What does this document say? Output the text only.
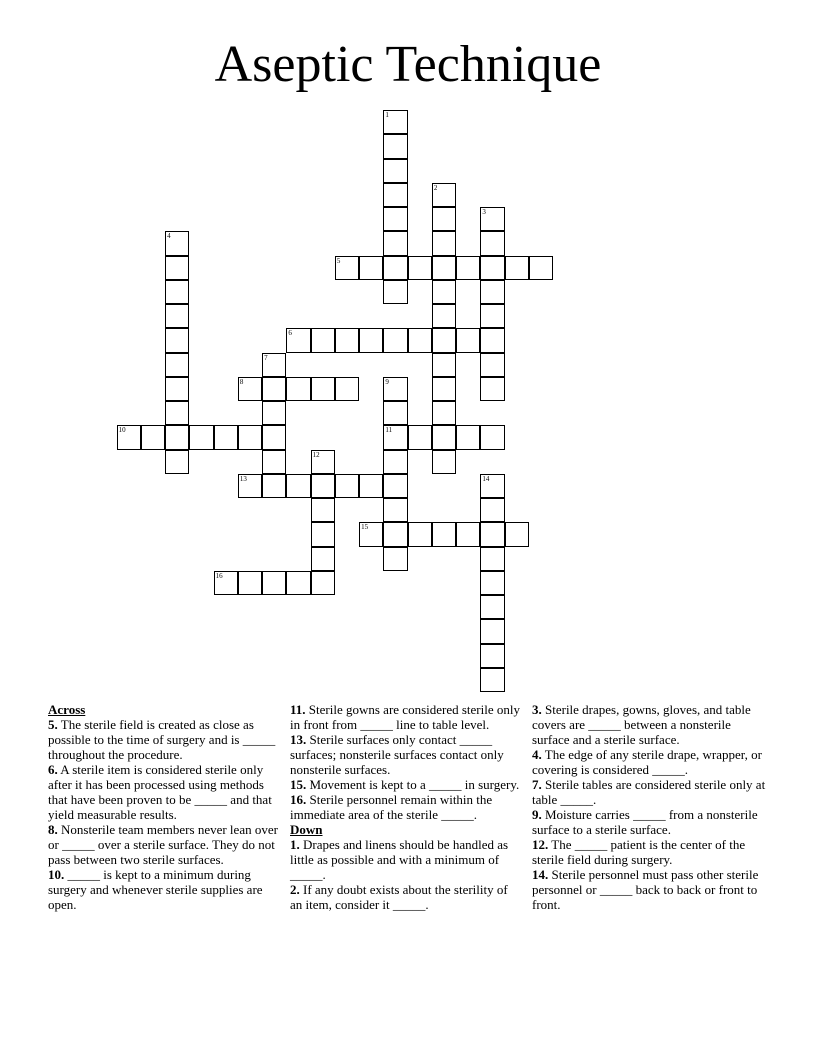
Aseptic Technique
1
2
3
4
5
6
7
8	9
11
10
12
13	14
15
16

Across

5. The sterile field is created as close as possible to the time of surgery and is _____ throughout the procedure.

6. A sterile item is considered sterile only after it has been processed using methods that have been proven to be _____ and that yield measurable results.

8. Nonsterile team members never lean over or _____ over a sterile surface. They do not pass between two sterile surfaces.

10. _____ is kept to a minimum during surgery and whenever sterile supplies are open.

11. Sterile gowns are considered sterile only in front from _____ line to table level.

13. Sterile surfaces only contact _____ surfaces; nonsterile surfaces contact only nonsterile surfaces.

15. Movement is kept to a _____ in surgery.

16. Sterile personnel remain within the immediate area of the sterile _____.

Down

1. Drapes and linens should be handled as little as possible and with a minimum of _____.

2. If any doubt exists about the sterility of an item, consider it _____.

3. Sterile drapes, gowns, gloves, and table covers are _____ between a nonsterile surface and a sterile surface.

4. The edge of any sterile drape, wrapper, or covering is considered _____.

7. Sterile tables are considered sterile only at table _____.

9. Moisture carries _____ from a nonsterile surface to a sterile surface.

12. The _____ patient is the center of the sterile field during surgery.

14. Sterile personnel must pass other sterile personnel or _____ back to back or front to front.
